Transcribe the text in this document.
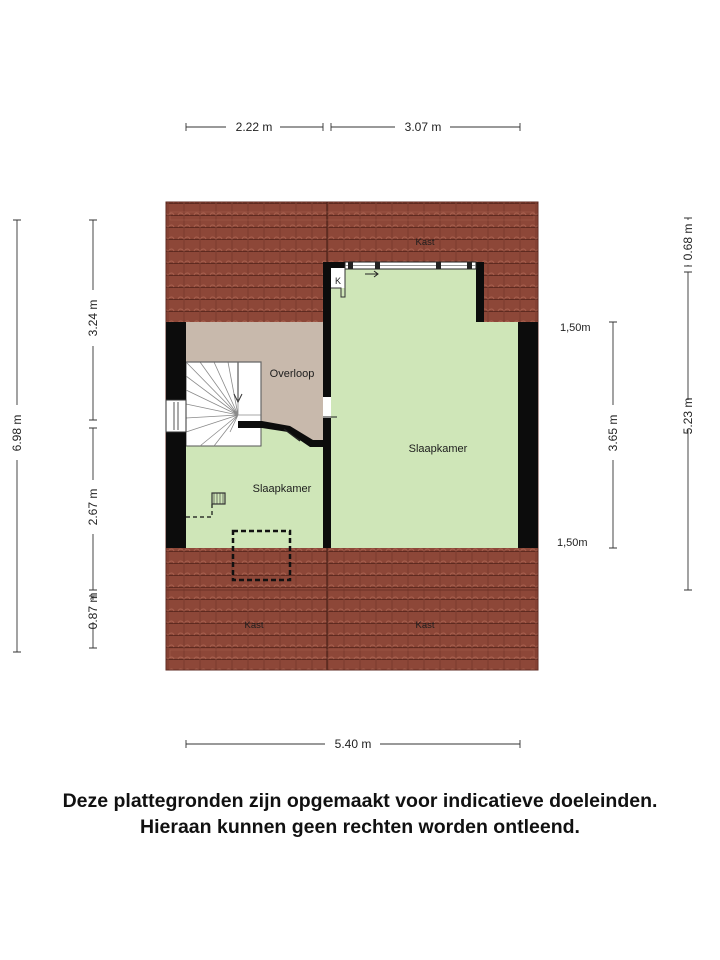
Overloop
Slaapkamer
Slaapkamer
Kast
Kast	Kast
K
2.22 m	3.07 m
5.40 m
6.98 m
3.24 m
2.67 m
0.87 m
3.65 m
0.68 m
5.23 m
1,50m
1,50m
Deze plattegronden zijn opgemaakt voor indicatieve doeleinden.
Hieraan kunnen geen rechten worden ontleend.
